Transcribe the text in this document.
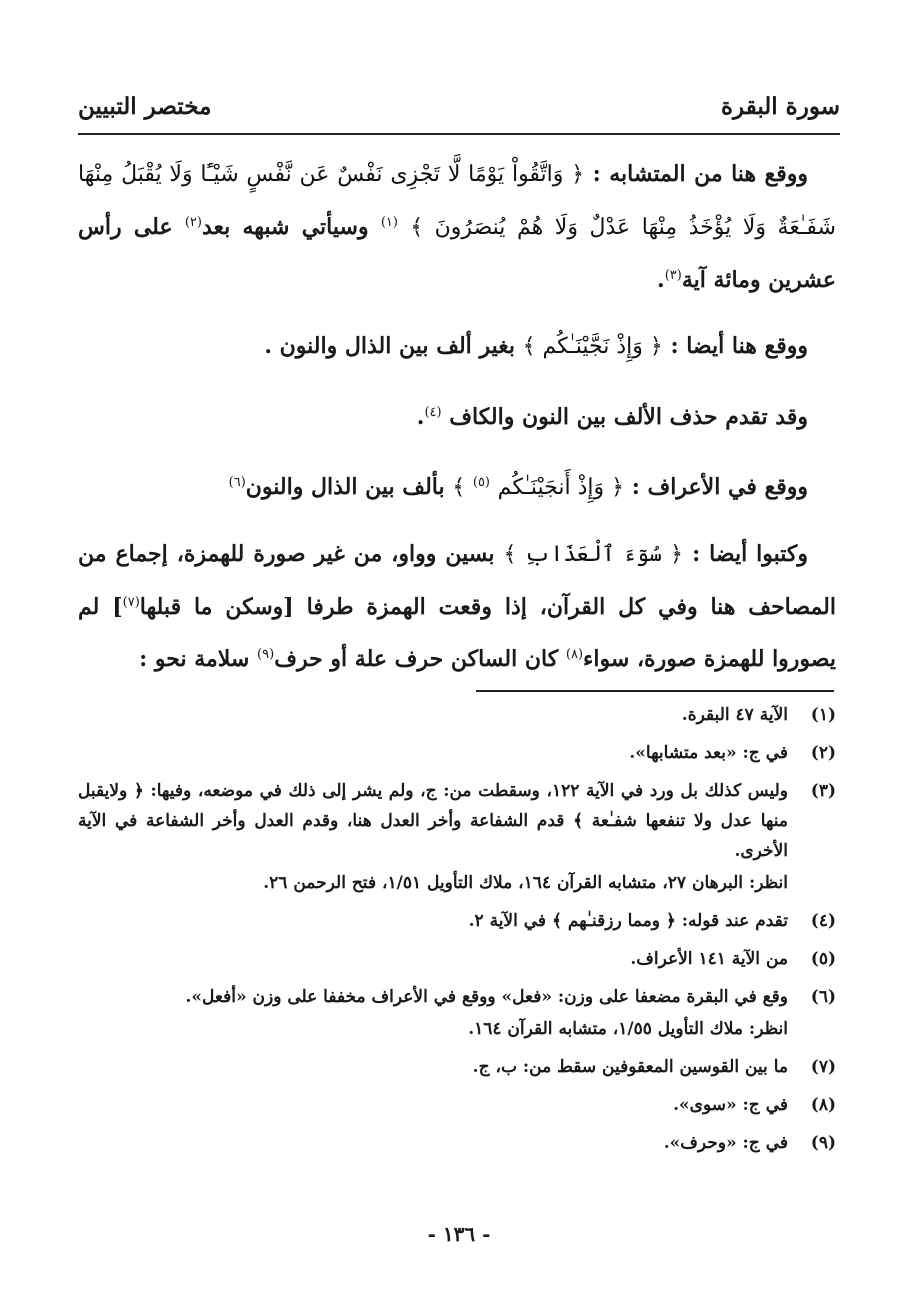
سورة البقرة
مختصر التبيين

ووقع هنا من المتشابه : ﴿ وَاتَّقُواْ يَوْمًا لَّا تَجْزِى نَفْسٌ عَن نَّفْسٍ شَيْـًٔا وَلَا يُقْبَلُ مِنْهَا شَفَـٰعَةٌ وَلَا يُؤْخَذُ مِنْهَا عَدْلٌ وَلَا هُمْ يُنصَرُونَ ﴾ $^{(١)}$ وسيأتي شبهه بعد$^{(٢)}$ على رأس عشرين ومائة آية$^{(٣)}$.

ووقع هنا أيضا : ﴿ وَإِذْ نَجَّيْنَـٰكُم ﴾ بغير ألف بين الذال والنون .

وقد تقدم حذف الألف بين النون والكاف $^{(٤)}$.

ووقع في الأعراف : ﴿ وَإِذْ أَنجَيْنَـٰكُم $^{(٥)}$ ﴾ بألف بين الذال والنون$^{(٦)}$

وكتبوا أيضا : ﴿ سُوٓءَ ٱلْعَذَابِ ﴾ بسين وواو، من غير صورة للهمزة، إجماع من المصاحف هنا وفي كل القرآن، إذا وقعت الهمزة طرفا [وسكن ما قبلها$^{(٧)}$] لم يصوروا للهمزة صورة، سواء$^{(٨)}$ كان الساكن حرف علة أو حرف$^{(٩)}$ سلامة نحو :

(١)
الآية ٤٧ البقرة.
(٢)
في ج: «بعد متشابها».
(٣)
وليس كذلك بل ورد في الآية ١٢٢، وسقطت من: ج، ولم يشر إلى ذلك في موضعه، وفيها: ﴿ ولايقبل منها عدل ولا تنفعها شفـٰعة ﴾ قدم الشفاعة وأخر العدل هنا، وقدم العدل وأخر الشفاعة في الآية الأخرى.
انظر: البرهان ٢٧، متشابه القرآن ١٦٤، ملاك التأويل ١/٥١، فتح الرحمن ٢٦.
(٤)
تقدم عند قوله: ﴿ ومما رزقنـٰهم ﴾ في الآية ٢.
(٥)
من الآية ١٤١ الأعراف.
(٦)
وقع في البقرة مضعفا على وزن: «فعل» ووقع في الأعراف مخففا على وزن «أفعل».
انظر: ملاك التأويل ١/٥٥، متشابه القرآن ١٦٤.
(٧)
ما بين القوسين المعقوفين سقط من: ب، ج.
(٨)
في ج: «سوى».
(٩)
في ج: «وحرف».
- ١٣٦ -
